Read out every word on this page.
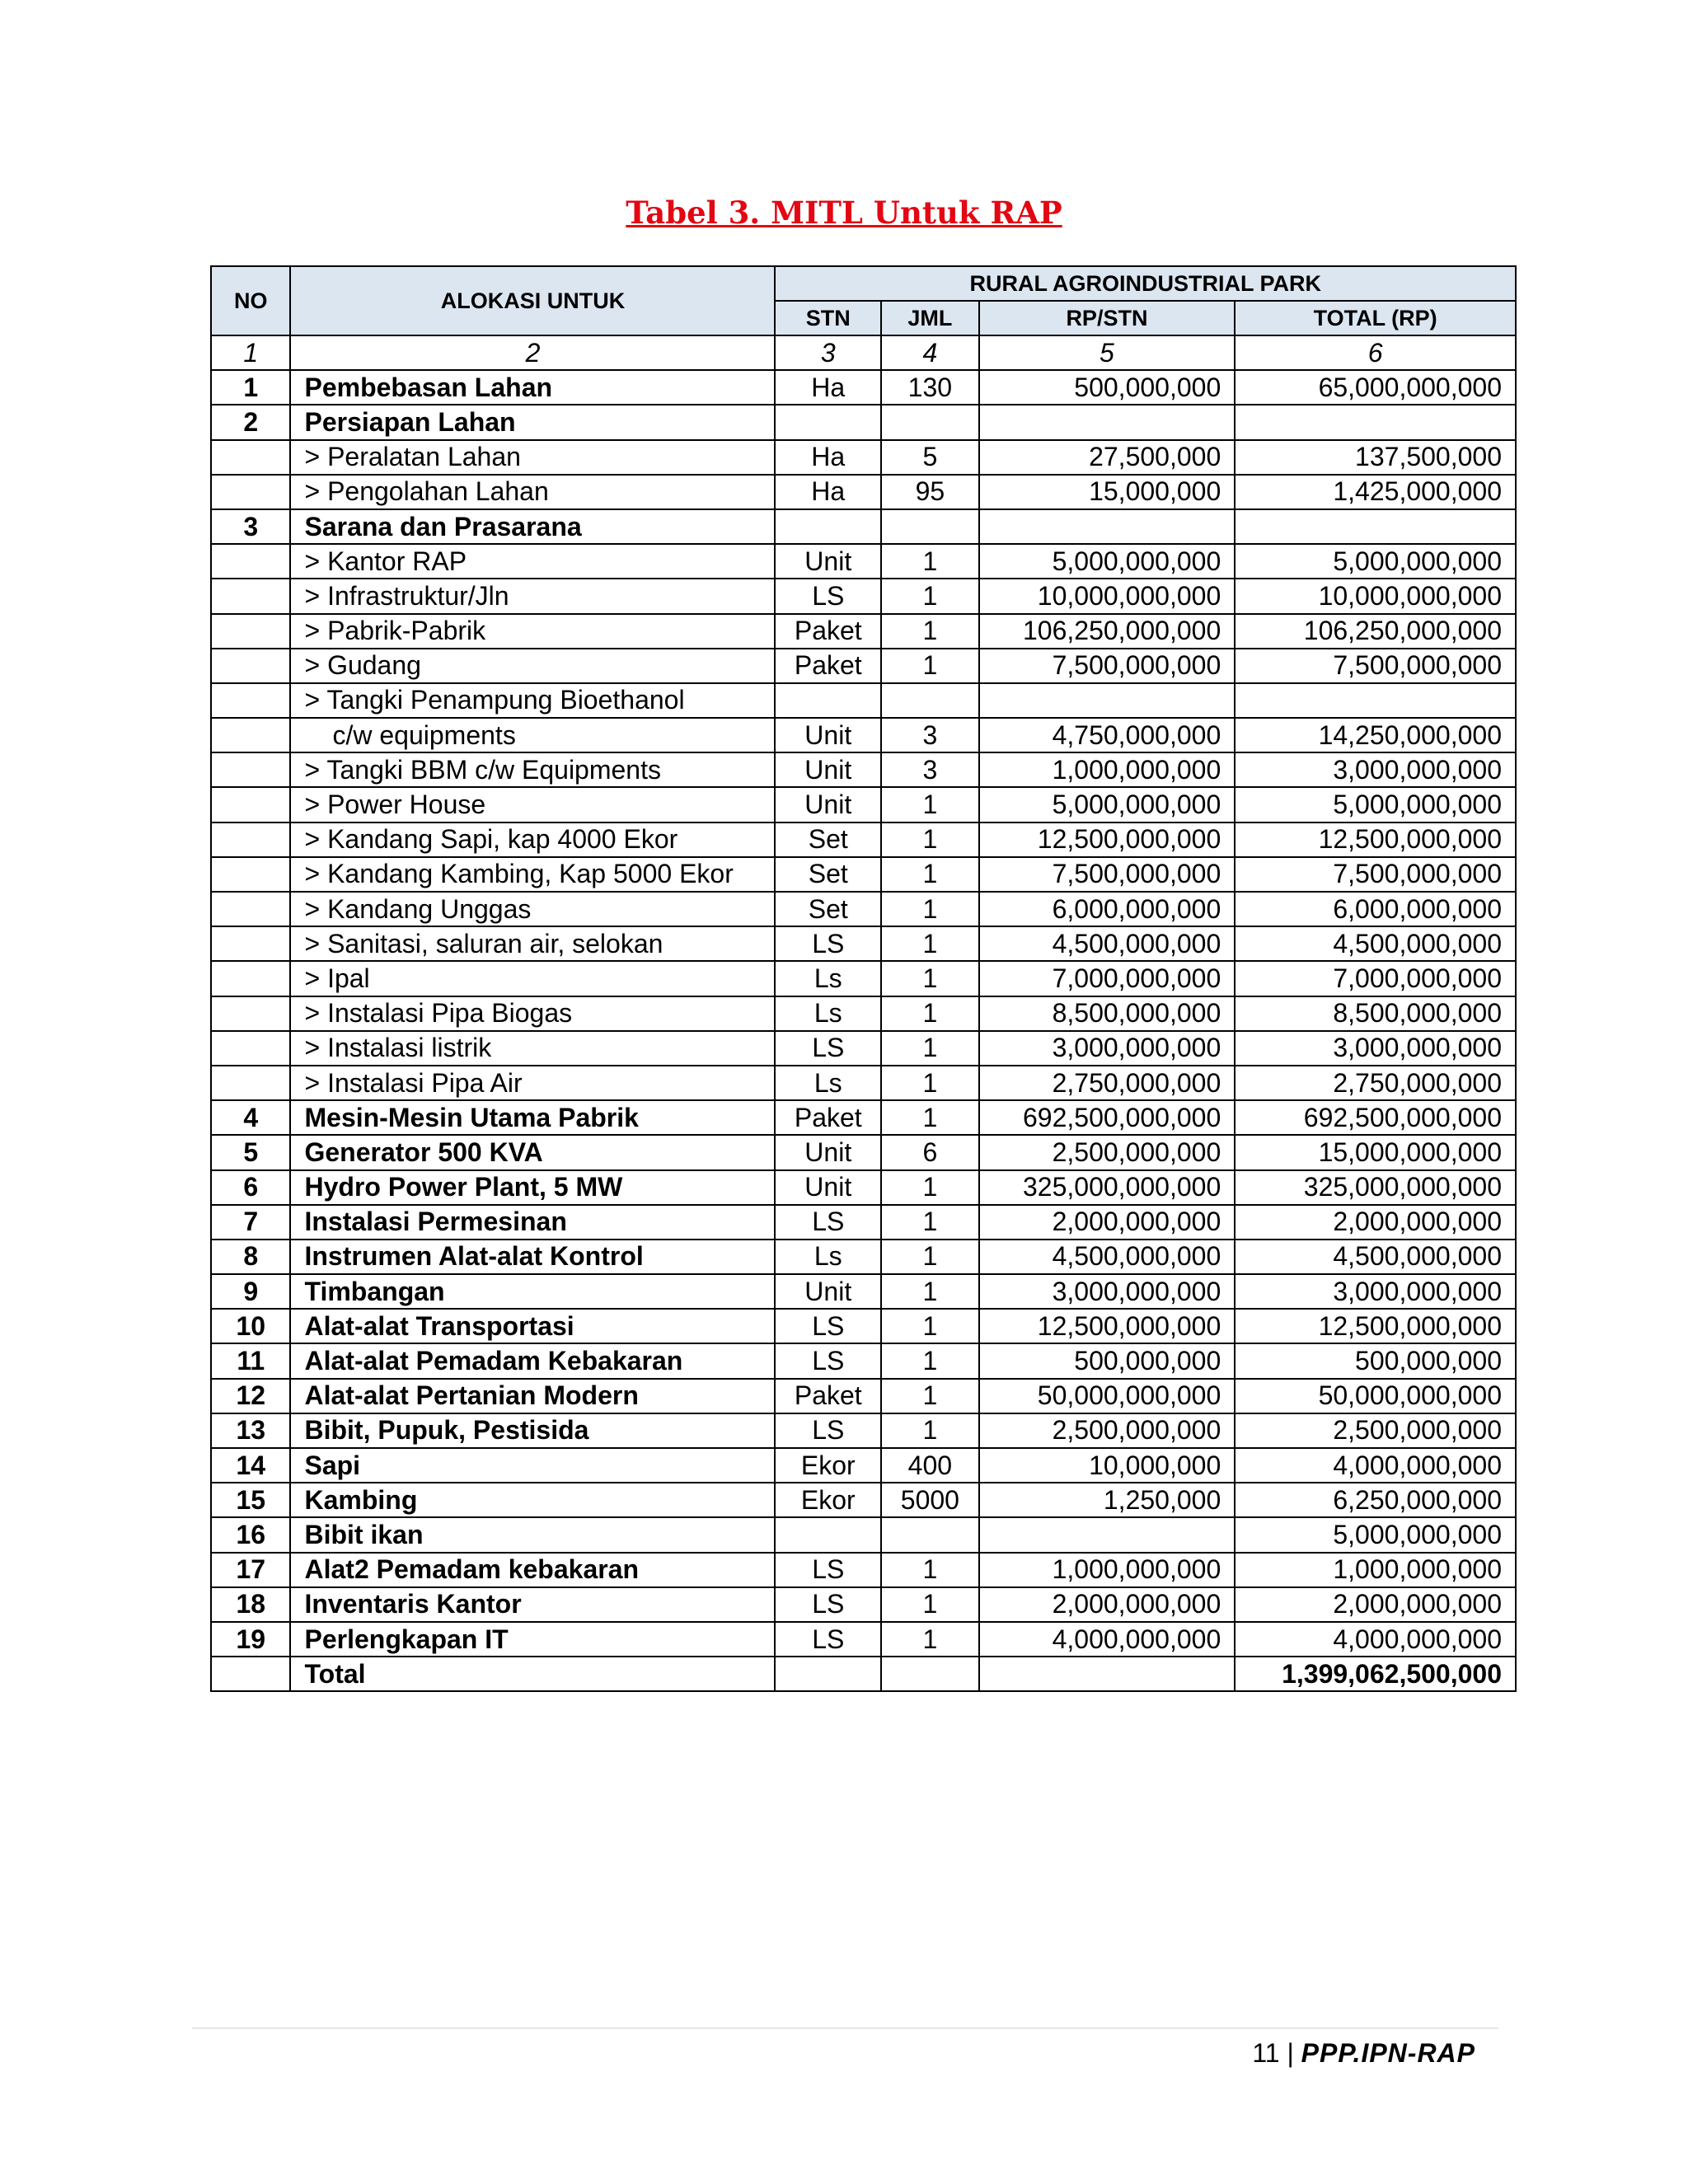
Tabel 3. MITL Untuk RAP
NO	ALOKASI UNTUK	RURAL AGROINDUSTRIAL PARK			
		STN	JML	RP/STN	TOTAL (RP)
1	2	3	4	5	6
1	Pembebasan Lahan	Ha	130	500,000,000	65,000,000,000
2	Persiapan Lahan				
	> Peralatan Lahan	Ha	5	27,500,000	137,500,000
	> Pengolahan Lahan	Ha	95	15,000,000	1,425,000,000
3	Sarana dan Prasarana				
	> Kantor RAP	Unit	1	5,000,000,000	5,000,000,000
	> Infrastruktur/Jln	LS	1	10,000,000,000	10,000,000,000
	> Pabrik-Pabrik	Paket	1	106,250,000,000	106,250,000,000
	> Gudang	Paket	1	7,500,000,000	7,500,000,000
	> Tangki Penampung Bioethanol				
	c/w equipments	Unit	3	4,750,000,000	14,250,000,000
	> Tangki BBM c/w Equipments	Unit	3	1,000,000,000	3,000,000,000
	> Power House	Unit	1	5,000,000,000	5,000,000,000
	> Kandang Sapi, kap 4000 Ekor	Set	1	12,500,000,000	12,500,000,000
	> Kandang Kambing, Kap 5000 Ekor	Set	1	7,500,000,000	7,500,000,000
	> Kandang Unggas	Set	1	6,000,000,000	6,000,000,000
	> Sanitasi, saluran air, selokan	LS	1	4,500,000,000	4,500,000,000
	> Ipal	Ls	1	7,000,000,000	7,000,000,000
	> Instalasi Pipa Biogas	Ls	1	8,500,000,000	8,500,000,000
	> Instalasi listrik	LS	1	3,000,000,000	3,000,000,000
	> Instalasi Pipa Air	Ls	1	2,750,000,000	2,750,000,000
4	Mesin-Mesin Utama Pabrik	Paket	1	692,500,000,000	692,500,000,000
5	Generator 500 KVA	Unit	6	2,500,000,000	15,000,000,000
6	Hydro Power Plant, 5 MW	Unit	1	325,000,000,000	325,000,000,000
7	Instalasi Permesinan	LS	1	2,000,000,000	2,000,000,000
8	Instrumen Alat-alat Kontrol	Ls	1	4,500,000,000	4,500,000,000
9	Timbangan	Unit	1	3,000,000,000	3,000,000,000
10	Alat-alat Transportasi	LS	1	12,500,000,000	12,500,000,000
11	Alat-alat Pemadam Kebakaran	LS	1	500,000,000	500,000,000
12	Alat-alat Pertanian Modern	Paket	1	50,000,000,000	50,000,000,000
13	Bibit, Pupuk, Pestisida	LS	1	2,500,000,000	2,500,000,000
14	Sapi	Ekor	400	10,000,000	4,000,000,000
15	Kambing	Ekor	5000	1,250,000	6,250,000,000
16	Bibit ikan				5,000,000,000
17	Alat2 Pemadam kebakaran	LS	1	1,000,000,000	1,000,000,000
18	Inventaris Kantor	LS	1	2,000,000,000	2,000,000,000
19	Perlengkapan IT	LS	1	4,000,000,000	4,000,000,000
	Total				1,399,062,500,000
11 | PPP.IPN-RAP
